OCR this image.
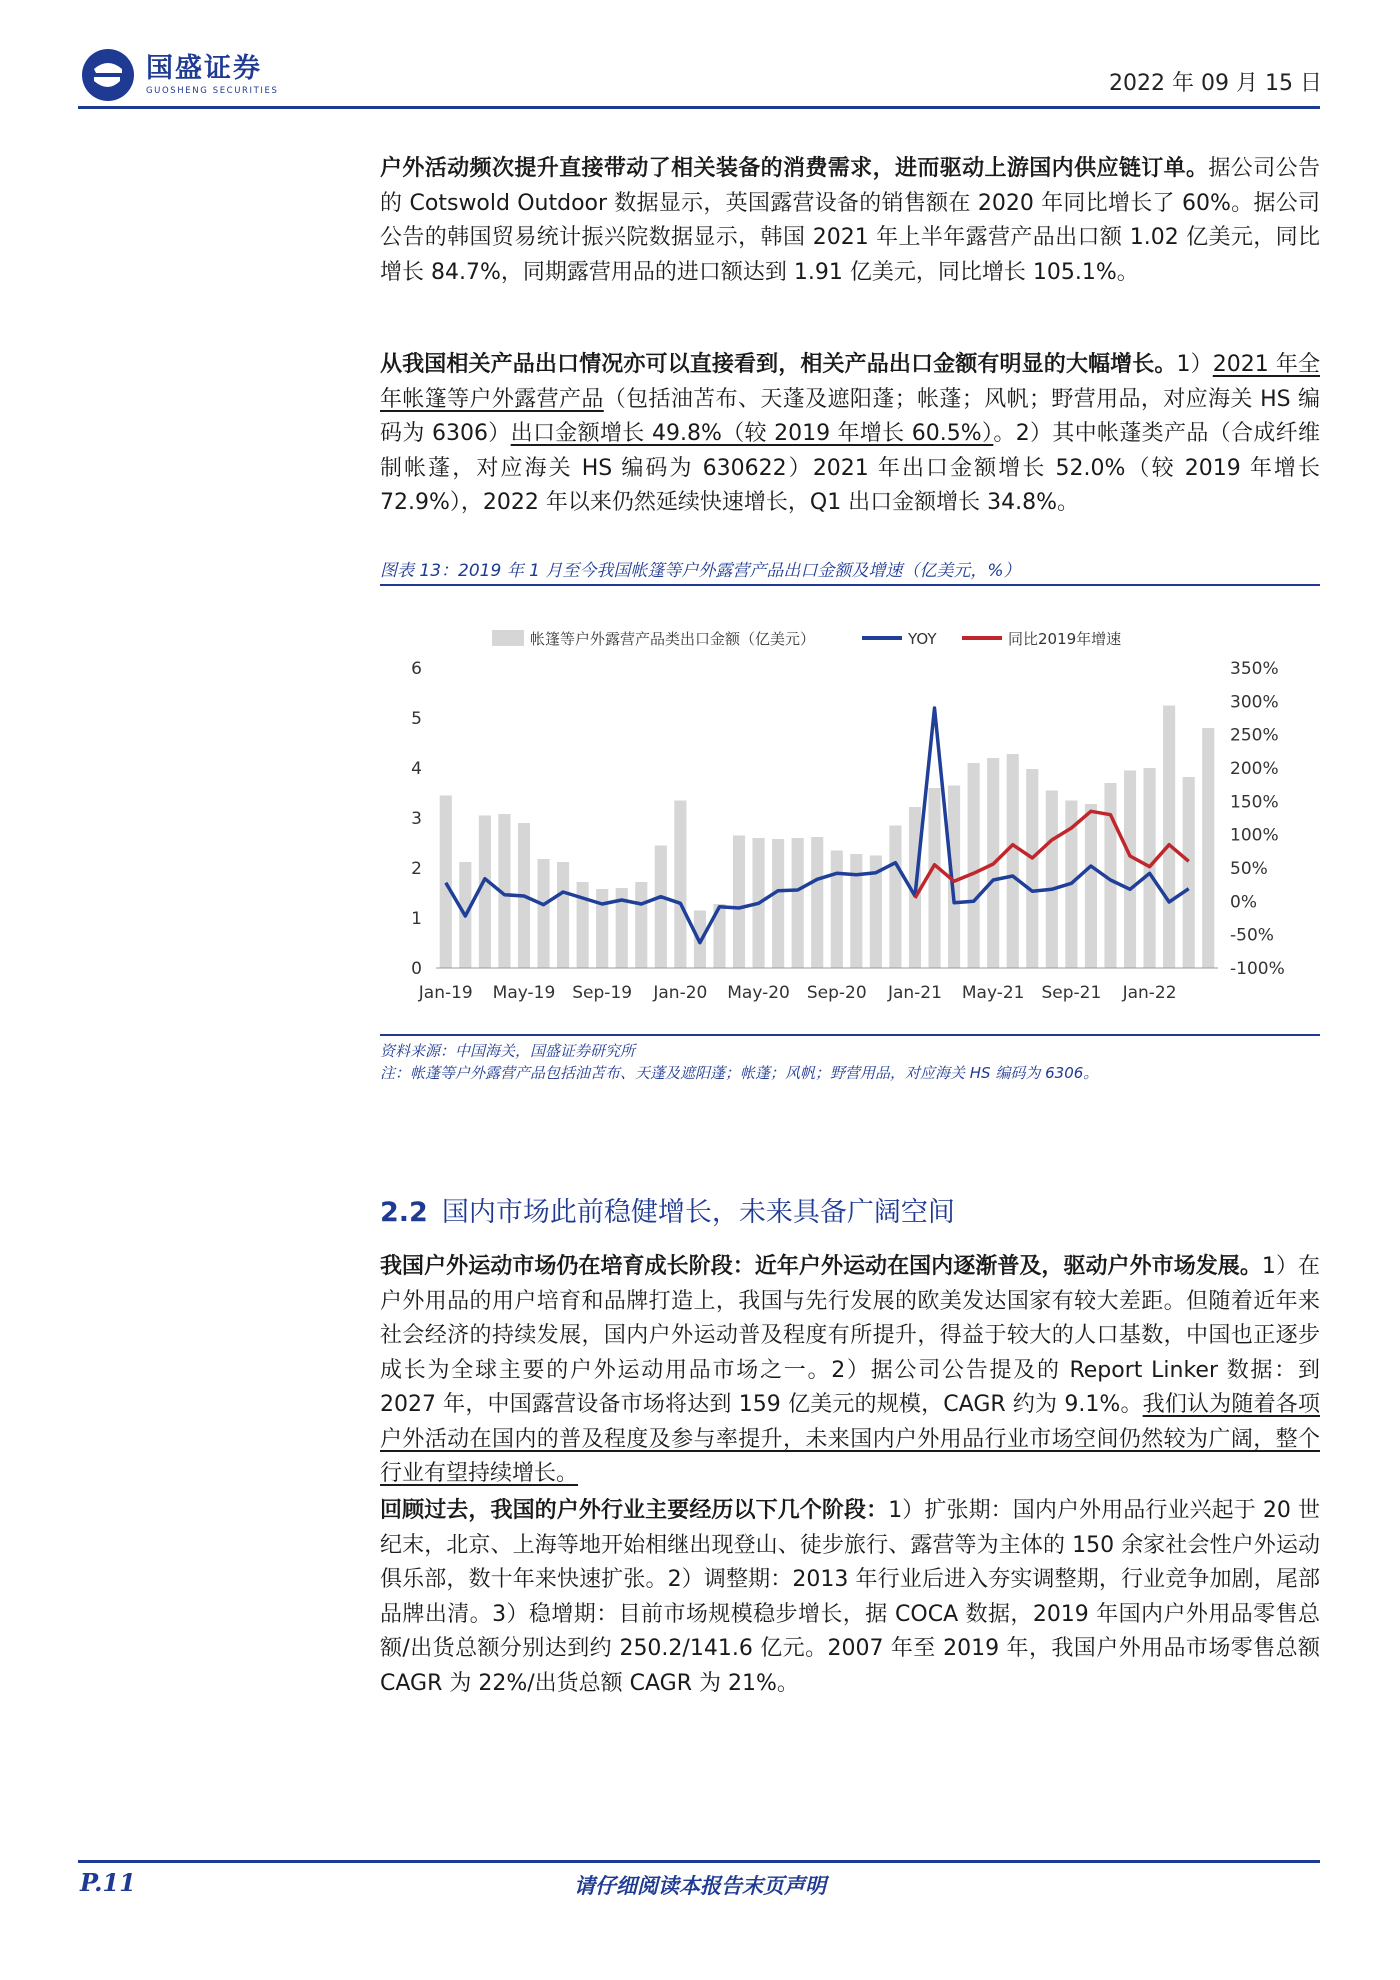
国盛证券
GUOSHENG SECURITIES	2022 年 09 月 15 日

户外活动频次提升直接带动了相关装备的消费需求，进而驱动上游国内供应链订单。据公司公告的 Cotswold Outdoor 数据显示，英国露营设备的销售额在 2020 年同比增长了 60%。据公司公告的韩国贸易统计振兴院数据显示，韩国 2021 年上半年露营产品出口额 1.02 亿美元，同比增长 84.7%，同期露营用品的进口额达到 1.91 亿美元，同比增长 105.1%。

从我国相关产品出口情况亦可以直接看到，相关产品出口金额有明显的大幅增长。1）2021 年全年帐篷等户外露营产品（包括油苫布、天蓬及遮阳蓬；帐蓬；风帆；野营用品，对应海关 HS 编码为 6306）出口金额增长 49.8%（较 2019 年增长 60.5%）。2）其中帐蓬类产品（合成纤维制帐蓬，对应海关 HS 编码为 630622）2021 年出口金额增长 52.0%（较 2019 年增长 72.9%），2022 年以来仍然延续快速增长，Q1 出口金额增长 34.8%。

图表 13：2019 年 1 月至今我国帐篷等户外露营产品出口金额及增速（亿美元，%）
帐篷等户外露营产品类出口金额（亿美元）	YOY	同比2019年增速
0
1
2
3
4
5
6
-100%
-50%
0%
50%
100%
150%
200%
250%
300%
350%
Jan-19 May-19 Sep-19 Jan-20 May-20 Sep-20 Jan-21 May-21 Sep-21 Jan-22
资料来源：中国海关，国盛证券研究所
注：帐蓬等户外露营产品包括油苫布、天蓬及遮阳蓬；帐蓬；风帆；野营用品，对应海关 HS 编码为 6306。
2.2 国内市场此前稳健增长，未来具备广阔空间

我国户外运动市场仍在培育成长阶段：近年户外运动在国内逐渐普及，驱动户外市场发展。1）在户外用品的用户培育和品牌打造上，我国与先行发展的欧美发达国家有较大差距。但随着近年来社会经济的持续发展，国内户外运动普及程度有所提升，得益于较大的人口基数，中国也正逐步成长为全球主要的户外运动用品市场之一。2）据公司公告提及的 Report Linker 数据：到 2027 年，中国露营设备市场将达到 159 亿美元的规模，CAGR 约为 9.1%。我们认为随着各项户外活动在国内的普及程度及参与率提升，未来国内户外用品行业市场空间仍然较为广阔，整个行业有望持续增长。

回顾过去，我国的户外行业主要经历以下几个阶段：1）扩张期：国内户外用品行业兴起于 20 世纪末，北京、上海等地开始相继出现登山、徒步旅行、露营等为主体的 150 余家社会性户外运动俱乐部，数十年来快速扩张。2）调整期：2013 年行业后进入夯实调整期，行业竞争加剧，尾部品牌出清。3）稳增期：目前市场规模稳步增长，据 COCA 数据，2019 年国内户外用品零售总额/出货总额分别达到约 250.2/141.6 亿元。2007 年至 2019 年，我国户外用品市场零售总额 CAGR 为 22%/出货总额 CAGR 为 21%。

P.11	请仔细阅读本报告末页声明
